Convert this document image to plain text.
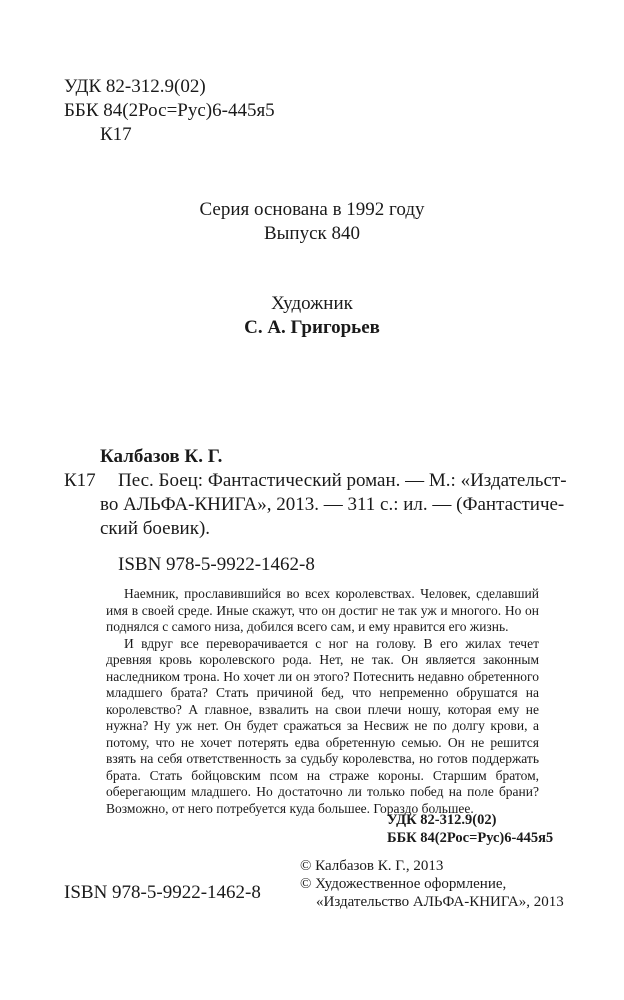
УДК 82-312.9(02)
ББК 84(2Рос=Рус)6-445я5
К17
Серия основана в 1992 году
Выпуск 840
Художник
С. А. Григорьев
Калбазов К. Г.
К17 Пес. Боец: Фантастический роман. — М.: «Издательст-
во АЛЬФА-КНИГА», 2013. — 311 с.: ил. — (Фантастиче-
ский боевик).
ISBN 978-5-9922-1462-8

Наемник, прославившийся во всех королевствах. Человек, сделавший имя в своей среде. Иные скажут, что он достиг не так уж и многого. Но он поднялся с самого низа, добился всего сам, и ему нравится его жизнь.

И вдруг все переворачивается с ног на голову. В его жилах течет древняя кровь королевского рода. Нет, не так. Он является законным наследником трона. Но хочет ли он этого? Потеснить недавно обретенного младшего брата? Стать причиной бед, что непременно обрушатся на королевство? А главное, взвалить на свои плечи ношу, которая ему не нужна? Ну уж нет. Он будет сражаться за Несвиж не по долгу крови, а потому, что не хочет потерять едва обретенную семью. Он не решится взять на себя ответственность за судьбу королевства, но готов поддержать брата. Стать бойцовским псом на страже короны. Старшим братом, оберегающим младшего. Но достаточно ли только побед на поле брани? Возможно, от него потребуется куда большее. Гораздо большее.

УДК 82-312.9(02)
ББК 84(2Рос=Рус)6-445я5
© Калбазов К. Г., 2013
© Художественное оформление,
«Издательство АЛЬФА-КНИГА», 2013
ISBN 978-5-9922-1462-8
